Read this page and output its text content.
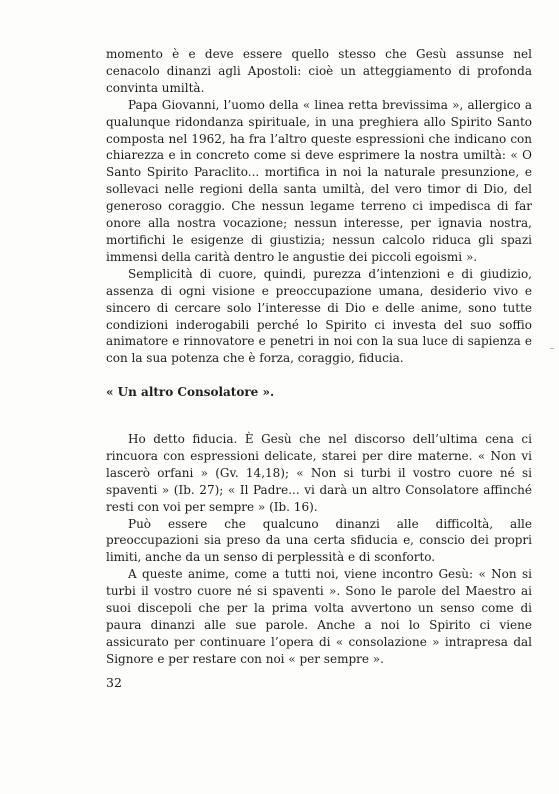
momento è e deve essere quello stesso che Gesù assunse nel cenacolo dinanzi agli Apostoli: cioè un atteggiamento di profonda convinta umiltà.

Papa Giovanni, l’uomo della « linea retta brevissima », allergico a qualunque ridondanza spirituale, in una preghiera allo Spirito Santo composta nel 1962, ha fra l’altro queste espressioni che indicano con chiarezza e in concreto come si deve esprimere la nostra umiltà: « O Santo Spirito Paraclito... mortifica in noi la naturale presunzione, e sollevaci nelle regioni della santa umiltà, del vero timor di Dio, del generoso coraggio. Che nessun legame terreno ci impedisca di far onore alla nostra vocazione; nessun interesse, per ignavia nostra, mortifichi le esigenze di giustizia; nessun calcolo riduca gli spazi immensi della carità dentro le angustie dei piccoli egoismi ».

Semplicità di cuore, quindi, purezza d’intenzioni e di giudizio, assenza di ogni visione e preoccupazione umana, desiderio vivo e sincero di cercare solo l’interesse di Dio e delle anime, sono tutte condizioni inderogabili perché lo Spirito ci investa del suo soffio animatore e rinnovatore e penetri in noi con la sua luce di sapienza e con la sua potenza che è forza, coraggio, fiducia.

« Un altro Consolatore ».

Ho detto fiducia. È Gesù che nel discorso dell’ultima cena ci rincuora con espressioni delicate, starei per dire materne. « Non vi lascerò orfani » (Gv. 14,18); « Non si turbi il vostro cuore né si spaventi » (Ib. 27); « Il Padre... vi darà un altro Consolatore affinché resti con voi per sempre » (Ib. 16).

Può essere che qualcuno dinanzi alle difficoltà, alle preoccupazioni sia preso da una certa sfiducia e, conscio dei propri limiti, anche da un senso di perplessità e di sconforto.

A queste anime, come a tutti noi, viene incontro Gesù: « Non si turbi il vostro cuore né si spaventi ». Sono le parole del Maestro ai suoi discepoli che per la prima volta avvertono un senso come di paura dinanzi alle sue parole. Anche a noi lo Spirito ci viene assicurato per continuare l’opera di « consolazione » intrapresa dal Signore e per restare con noi « per sempre ».

32
